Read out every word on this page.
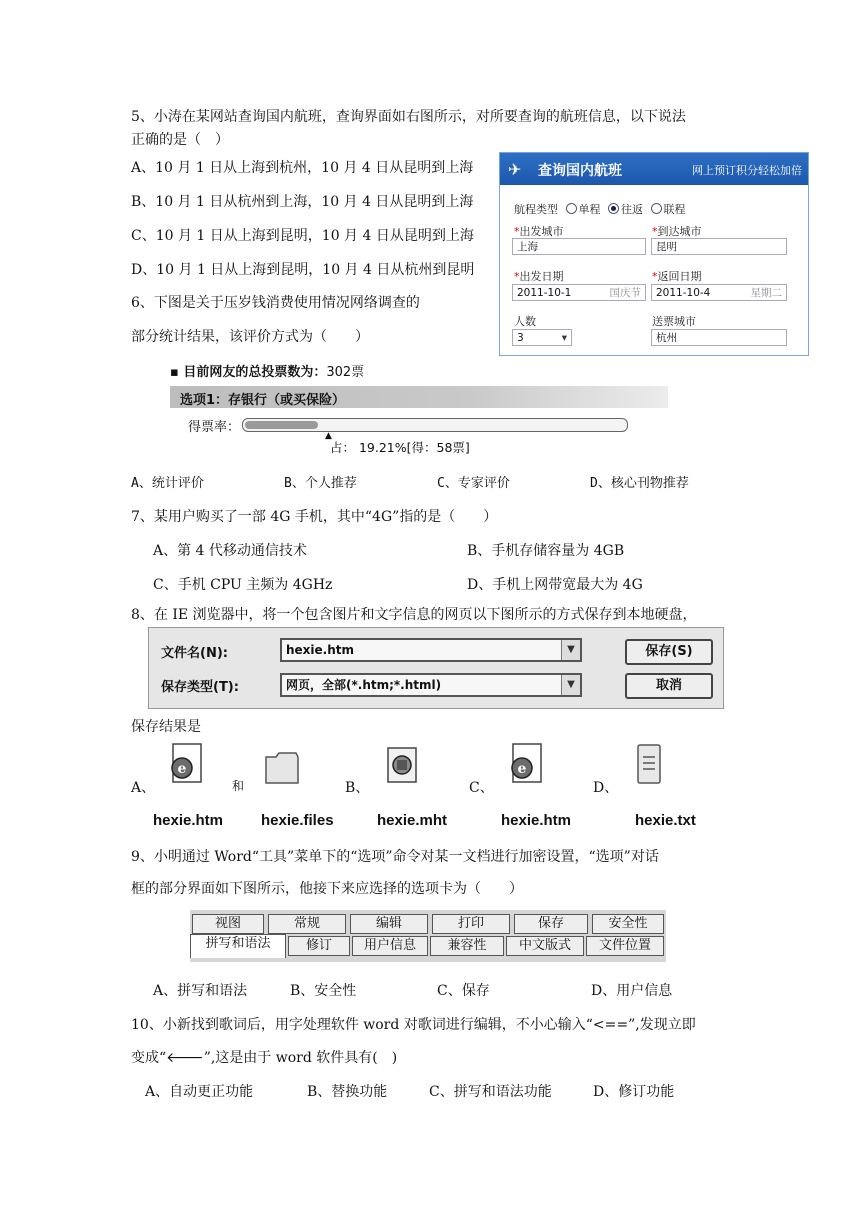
5、小涛在某网站查询国内航班，查询界面如右图所示，对所要查询的航班信息，以下说法
正确的是（　）
A、10 月 1 日从上海到杭州，10 月 4 日从昆明到上海
B、10 月 1 日从杭州到上海，10 月 4 日从昆明到上海
C、10 月 1 日从上海到昆明，10 月 4 日从昆明到上海
D、10 月 1 日从上海到昆明，10 月 4 日从杭州到昆明
✈ 查询国内航班	网上预订积分轻松加倍
航程类型 单程 往返 联程
*出发城市
上海
*到达城市
昆明
*出发日期
2011-10-1	国庆节
*返回日期
2011-10-4	星期二
人数
3	▾
送票城市
杭州
6、下图是关于压岁钱消费使用情况网络调查的
部分统计结果，该评价方式为（　　）
▪ 目前网友的总投票数为：302票
选项1：存银行（或买保险）
得票率：
▲
占： 19.21%[得：58票]
A、统计评价	B、个人推荐	C、专家评价	D、核心刊物推荐
7、某用户购买了一部 4G 手机，其中“4G”指的是（　　）
A、第 4 代移动通信技术	B、手机存储容量为 4GB
C、手机 CPU 主频为 4GHz	D、手机上网带宽最大为 4G
8、在 IE 浏览器中，将一个包含图片和文字信息的网页以下图所示的方式保存到本地硬盘，
文件名(N):	hexie.htm	▼
保存类型(T):	网页，全部(*.htm;*.html)	▼
保存(S)
取消
保存结果是
A、
e
和	B、	C、
e
D、
hexie.htm	hexie.files	hexie.mht	hexie.htm	hexie.txt
9、小明通过 Word“工具”菜单下的“选项”命令对某一文档进行加密设置，“选项”对话
框的部分界面如下图所示，他接下来应选择的选项卡为（　　）
视图	常规	编辑	打印	保存	安全性
拼写和语法	修订	用户信息	兼容性	中文版式	文件位置
A、拼写和语法	B、安全性	C、保存	D、用户信息
10、小新找到歌词后，用字处理软件 word 对歌词进行编辑，不小心输入“<==”,发现立即
变成“🡐”,这是由于 word 软件具有(　)
A、自动更正功能	B、替换功能	C、拼写和语法功能	D、修订功能
